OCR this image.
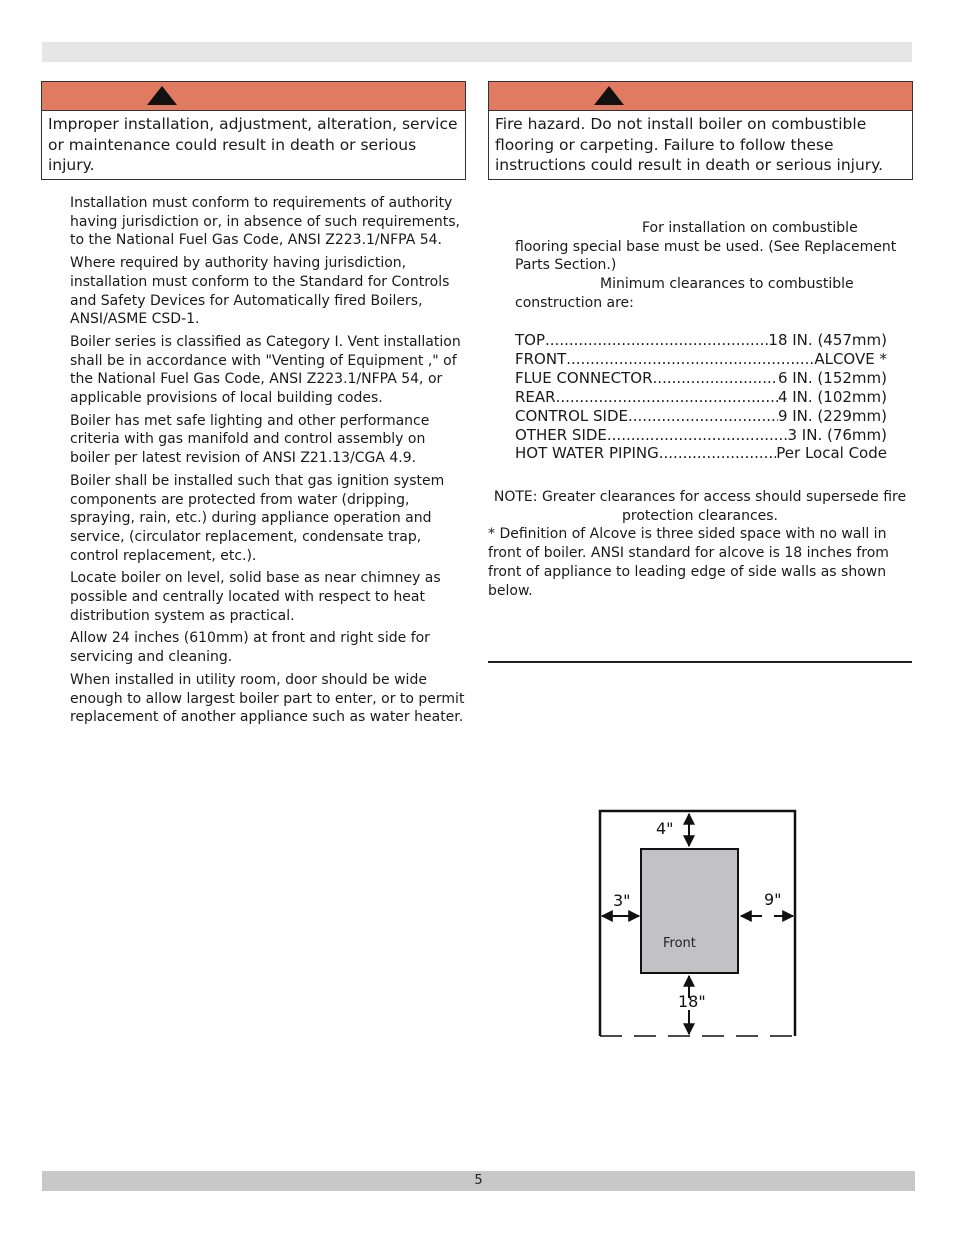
Improper installation, adjustment, alteration, service or maintenance could result in death or serious injury.
Fire hazard. Do not install boiler on combustible flooring or carpeting. Failure to follow these instructions could result in death or serious injury.

Installation must conform to requirements of authority having jurisdiction or, in absence of such requirements, to the National Fuel Gas Code, ANSI Z223.1/NFPA 54.

Where required by authority having jurisdiction, installation must conform to the Standard for Controls and Safety Devices for Automatically fired Boilers, ANSI/ASME CSD-1.

Boiler series is classified as Category I. Vent installation shall be in accordance with "Venting of Equipment ," of the National Fuel Gas Code, ANSI Z223.1/NFPA 54, or applicable provisions of local building codes.

Boiler has met safe lighting and other performance criteria with gas manifold and control assembly on boiler per latest revision of ANSI Z21.13/CGA 4.9.

Boiler shall be installed such that gas ignition system components are protected from water (dripping, spraying, rain, etc.) during appliance operation and service, (circulator replacement, condensate trap, control replacement, etc.).

Locate boiler on level, solid base as near chimney as possible and centrally located with respect to heat distribution system as practical.

Allow 24 inches (610mm) at front and right side for servicing and cleaning.

When installed in utility room, door should be wide enough to allow largest boiler part to enter, or to permit replacement of another appliance such as water heater.

For installation on combustible
flooring special base must be used. (See Replacement Parts Section.)
Minimum clearances to combustible
construction are:
TOP .....	18 IN. (457mm)
FRONT .....	ALCOVE *
FLUE CONNECTOR .....	6 IN. (152mm)
REAR .....	4 IN. (102mm)
CONTROL SIDE .....	9 IN. (229mm)
OTHER SIDE .....	3 IN. (76mm)
HOT WATER PIPING .....	Per Local Code
NOTE: Greater clearances for access should supersede fire
protection clearances.
* Definition of Alcove is three sided space with no wall in front of boiler. ANSI standard for alcove is 18 inches from front of appliance to leading edge of side walls as shown below.
4"
3"	9"
18"
Front
5
